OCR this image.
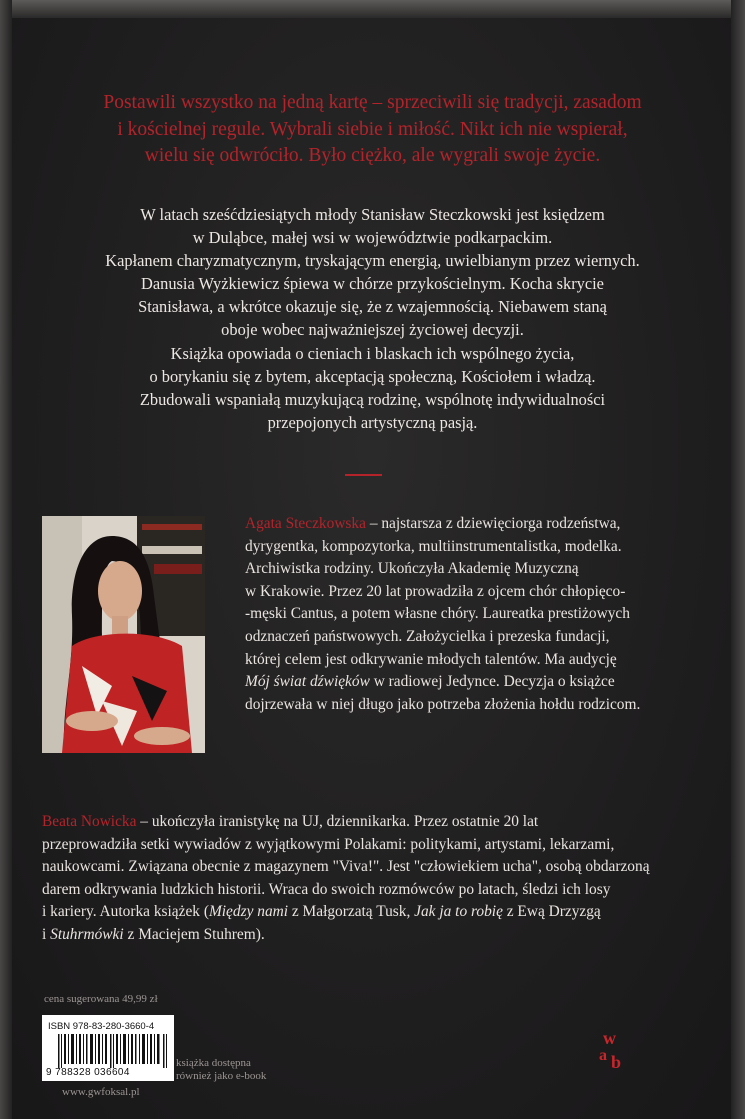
Postawili wszystko na jedną kartę – sprzeciwili się tradycji, zasadom
i kościelnej regule. Wybrali siebie i miłość. Nikt ich nie wspierał,
wielu się odwróciło. Było ciężko, ale wygrali swoje życie.
W latach sześćdziesiątych młody Stanisław Steczkowski jest księdzem
w Duląbce, małej wsi w województwie podkarpackim.
Kapłanem charyzmatycznym, tryskającym energią, uwielbianym przez wiernych.
Danusia Wyżkiewicz śpiewa w chórze przykościelnym. Kocha skrycie
Stanisława, a wkrótce okazuje się, że z wzajemnością. Niebawem staną
oboje wobec najważniejszej życiowej decyzji.
Książka opowiada o cieniach i blaskach ich wspólnego życia,
o borykaniu się z bytem, akceptacją społeczną, Kościołem i władzą.
Zbudowali wspaniałą muzykującą rodzinę, wspólnotę indywidualności
przepojonych artystyczną pasją.
Agata Steczkowska – najstarsza z dziewięciorga rodzeństwa,
dyrygentka, kompozytorka, multiinstrumentalistka, modelka.
Archiwistka rodziny. Ukończyła Akademię Muzyczną
w Krakowie. Przez 20 lat prowadziła z ojcem chór chłopięco-
-męski Cantus, a potem własne chóry. Laureatka prestiżowych
odznaczeń państwowych. Założycielka i prezeska fundacji,
której celem jest odkrywanie młodych talentów. Ma audycję
Mój świat dźwięków w radiowej Jedynce. Decyzja o książce
dojrzewała w niej długo jako potrzeba złożenia hołdu rodzicom.
Beata Nowicka – ukończyła iranistykę na UJ, dziennikarka. Przez ostatnie 20 lat
przeprowadziła setki wywiadów z wyjątkowymi Polakami: politykami, artystami, lekarzami,
naukowcami. Związana obecnie z magazynem "Viva!". Jest "człowiekiem ucha", osobą obdarzoną
darem odkrywania ludzkich historii. Wraca do swoich rozmówców po latach, śledzi ich losy
i kariery. Autorka książek (Między nami z Małgorzatą Tusk, Jak ja to robię z Ewą Drzyzgą
i Stuhrmówki z Maciejem Stuhrem).
cena sugerowana 49,99 zł
ISBN 978-83-280-3660-4
9 788328 036604
www.gwfoksal.pl
książka dostępna
również jako e-book
w
a b
